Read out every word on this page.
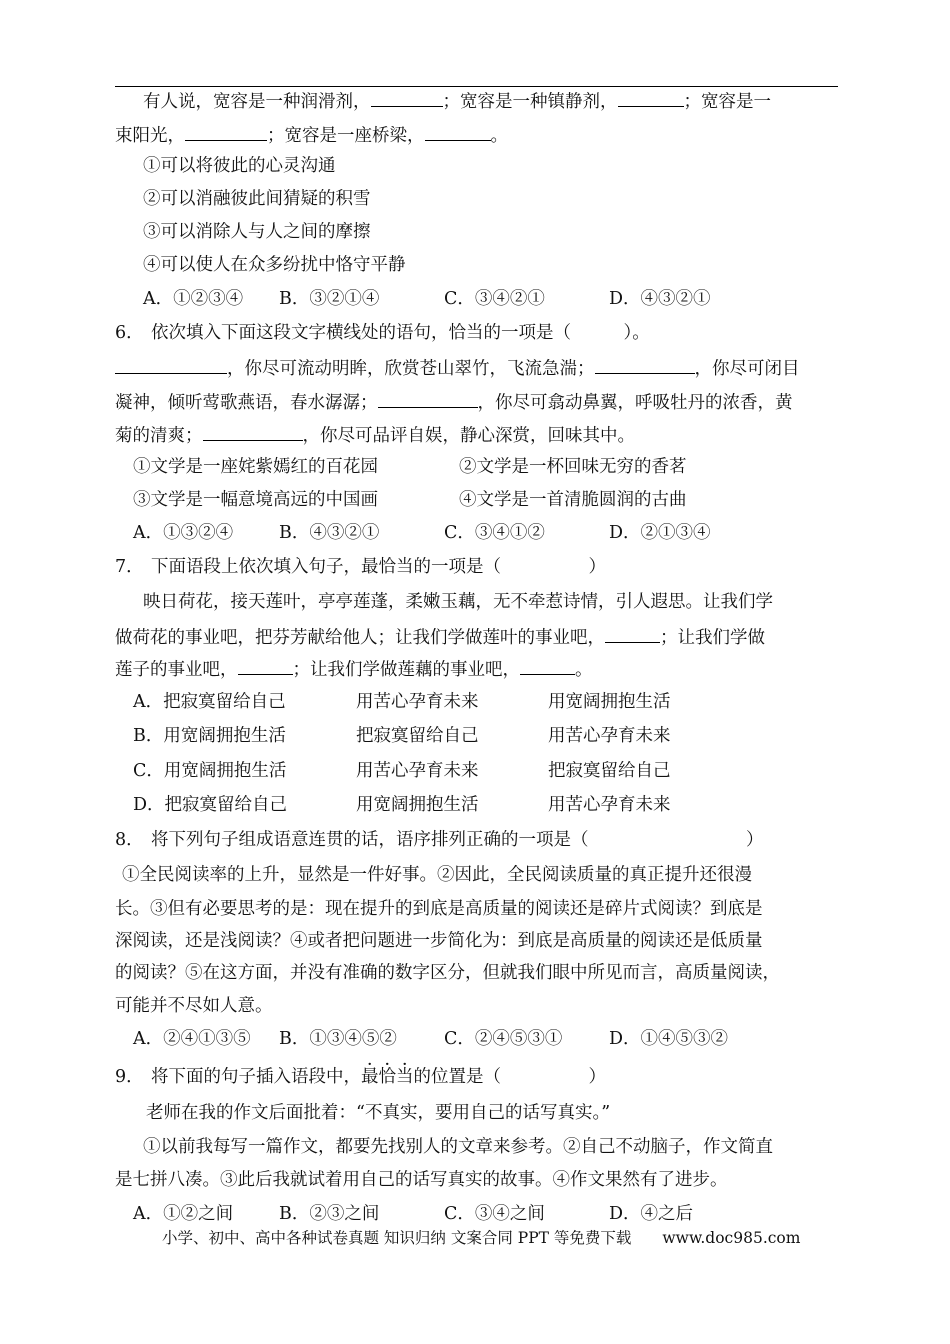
有人说，宽容是一种润滑剂，	；宽容是一种镇静剂，	；宽容是一
束阳光，	；宽容是一座桥梁，	。
①可以将彼此的心灵沟通
②可以消融彼此间猜疑的积雪
③可以消除人与人之间的摩擦
④可以使人在众多纷扰中恪守平静
A．①②③④ B．③②①④	C．③④②①	D．④③②①
6． 依次填入下面这段文字横线处的语句，恰当的一项是（　　　）。
，你尽可流动明眸，欣赏苍山翠竹，飞流急湍；	，你尽可闭目
凝神，倾听莺歌燕语，春水潺潺；	，你尽可翕动鼻翼，呼吸牡丹的浓香，黄
菊的清爽；	，你尽可品评自娱，静心深赏，回味其中。
①文学是一座姹紫嫣红的百花园	②文学是一杯回味无穷的香茗
③文学是一幅意境高远的中国画	④文学是一首清脆圆润的古曲
A．①③②④	B．④③②①	C．③④①②	D．②①③④
7． 下面语段上依次填入句子，最恰当的一项是（　　　　　）
映日荷花，接天莲叶，亭亭莲蓬，柔嫩玉藕，无不牵惹诗情，引人遐思。让我们学
做荷花的事业吧，把芬芳献给他人；让我们学做莲叶的事业吧，	；让我们学做
莲子的事业吧，	；让我们学做莲藕的事业吧，	。
A．把寂寞留给自己	用苦心孕育未来	用宽阔拥抱生活
B．用宽阔拥抱生活	把寂寞留给自己	用苦心孕育未来
C．用宽阔拥抱生活	用苦心孕育未来	把寂寞留给自己
D．把寂寞留给自己	用宽阔拥抱生活	用苦心孕育未来
8． 将下列句子组成语意连贯的话，语序排列正确的一项是（　　　　　　　　　）
①全民阅读率的上升，显然是一件好事。②因此，全民阅读质量的真正提升还很漫
长。③但有必要思考的是：现在提升的到底是高质量的阅读还是碎片式阅读？到底是
深阅读，还是浅阅读？④或者把问题进一步简化为：到底是高质量的阅读还是低质量
的阅读？⑤在这方面，并没有准确的数字区分，但就我们眼中所见而言，高质量阅读，
可能并不尽如人意。
A．②④①③⑤ B．①③④⑤②	C．②④⑤③①	D．①④⑤③②
9． 将下面的句子插入语段中，最恰当的位置是（　　　　　）
老师在我的作文后面批着：“不真实，要用自己的话写真实。”
①以前我每写一篇作文，都要先找别人的文章来参考。②自己不动脑子，作文简直
是七拼八凑。③此后我就试着用自己的话写真实的故事。④作文果然有了进步。
A．①②之间	B．②③之间	C．③④之间	D．④之后
小学、初中、高中各种试卷真题 知识归纳 文案合同 PPT 等免费下载　　www.doc985.com
